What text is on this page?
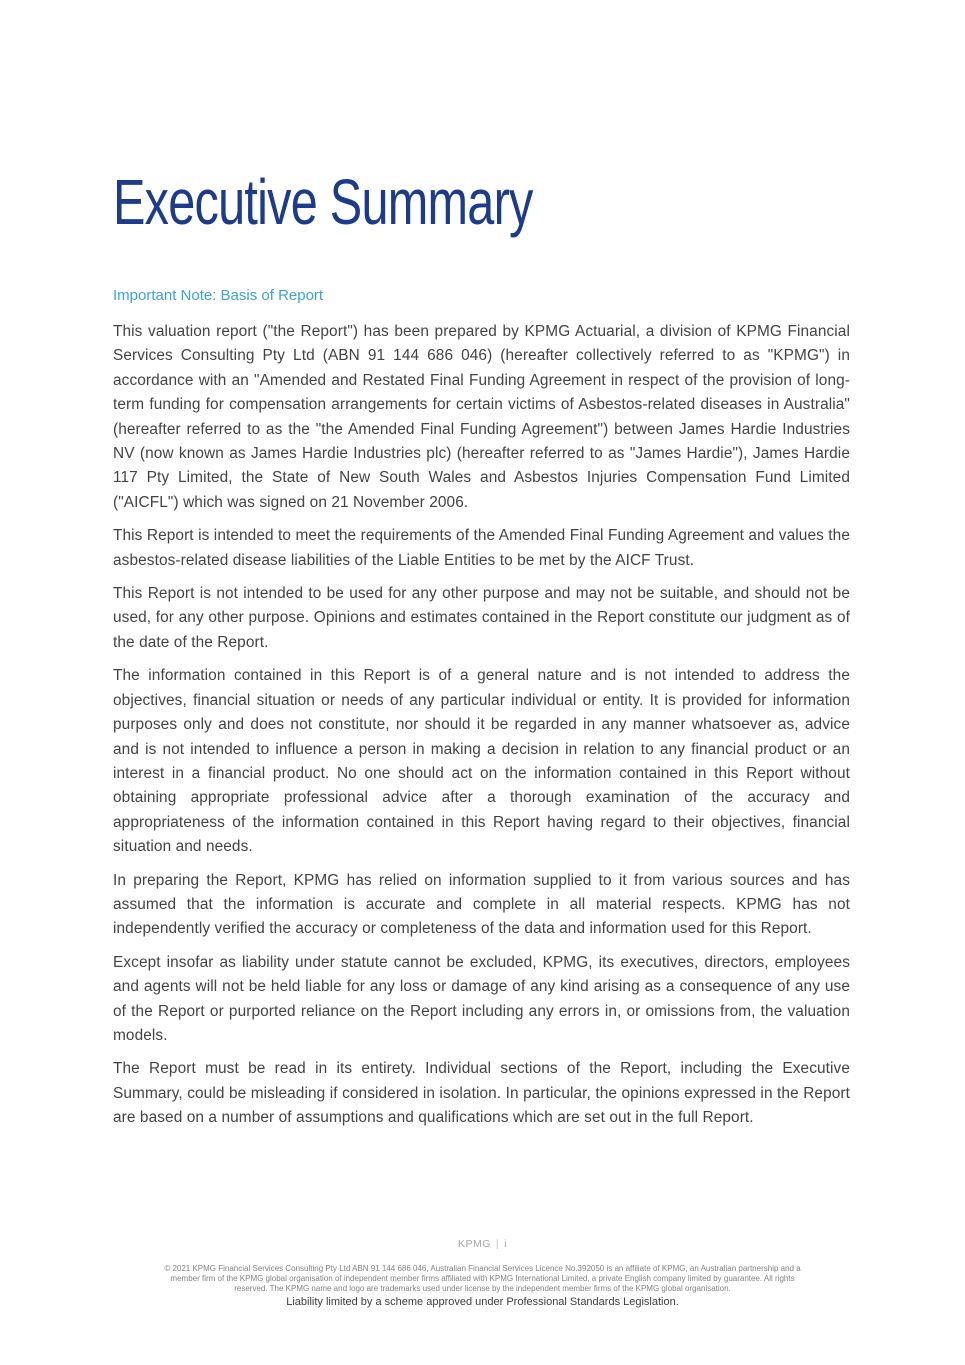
Executive Summary
Important Note: Basis of Report

This valuation report ("the Report") has been prepared by KPMG Actuarial, a division of KPMG Financial Services Consulting Pty Ltd (ABN 91 144 686 046) (hereafter collectively referred to as "KPMG") in accordance with an "Amended and Restated Final Funding Agreement in respect of the provision of long-term funding for compensation arrangements for certain victims of Asbestos-related diseases in Australia" (hereafter referred to as the "the Amended Final Funding Agreement") between James Hardie Industries NV (now known as James Hardie Industries plc) (hereafter referred to as "James Hardie"), James Hardie 117 Pty Limited, the State of New South Wales and Asbestos Injuries Compensation Fund Limited ("AICFL") which was signed on 21 November 2006.

This Report is intended to meet the requirements of the Amended Final Funding Agreement and values the asbestos-related disease liabilities of the Liable Entities to be met by the AICF Trust.

This Report is not intended to be used for any other purpose and may not be suitable, and should not be used, for any other purpose. Opinions and estimates contained in the Report constitute our judgment as of the date of the Report.

The information contained in this Report is of a general nature and is not intended to address the objectives, financial situation or needs of any particular individual or entity. It is provided for information purposes only and does not constitute, nor should it be regarded in any manner whatsoever as, advice and is not intended to influence a person in making a decision in relation to any financial product or an interest in a financial product. No one should act on the information contained in this Report without obtaining appropriate professional advice after a thorough examination of the accuracy and appropriateness of the information contained in this Report having regard to their objectives, financial situation and needs.

In preparing the Report, KPMG has relied on information supplied to it from various sources and has assumed that the information is accurate and complete in all material respects. KPMG has not independently verified the accuracy or completeness of the data and information used for this Report.

Except insofar as liability under statute cannot be excluded, KPMG, its executives, directors, employees and agents will not be held liable for any loss or damage of any kind arising as a consequence of any use of the Report or purported reliance on the Report including any errors in, or omissions from, the valuation models.

The Report must be read in its entirety. Individual sections of the Report, including the Executive Summary, could be misleading if considered in isolation. In particular, the opinions expressed in the Report are based on a number of assumptions and qualifications which are set out in the full Report.

KPMG | i
© 2021 KPMG Financial Services Consulting Pty Ltd ABN 91 144 686 046, Australian Financial Services Licence No.392050 is an affiliate of KPMG, an Australian partnership and a
member firm of the KPMG global organisation of independent member firms affiliated with KPMG International Limited, a private English company limited by guarantee. All rights
reserved. The KPMG name and logo are trademarks used under license by the independent member firms of the KPMG global organisation.
Liability limited by a scheme approved under Professional Standards Legislation.
